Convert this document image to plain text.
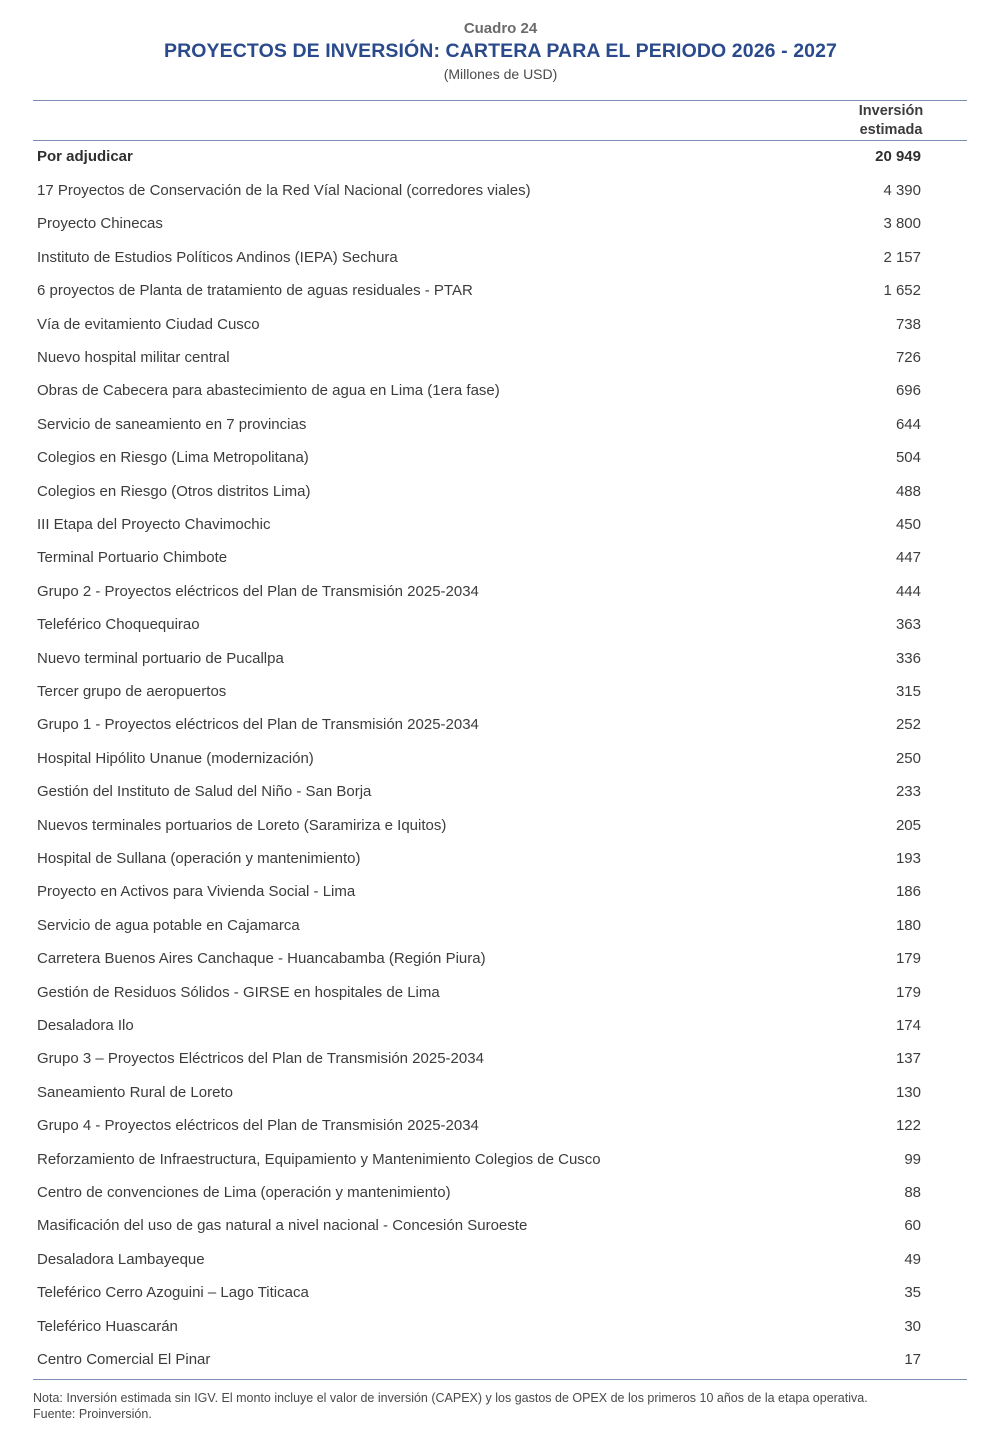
Cuadro 24
PROYECTOS DE INVERSIÓN: CARTERA PARA EL PERIODO 2026 - 2027
(Millones de USD)
Inversión
estimada
Por adjudicar	20 949
17 Proyectos de Conservación de la Red Víal Nacional (corredores viales)	4 390
Proyecto Chinecas	3 800
Instituto de Estudios Políticos Andinos (IEPA) Sechura	2 157
6 proyectos de Planta de tratamiento de aguas residuales - PTAR	1 652
Vía de evitamiento Ciudad Cusco	738
Nuevo hospital militar central	726
Obras de Cabecera para abastecimiento de agua en Lima (1era fase)	696
Servicio de saneamiento en 7 provincias	644
Colegios en Riesgo (Lima Metropolitana)	504
Colegios en Riesgo (Otros distritos Lima)	488
III Etapa del Proyecto Chavimochic	450
Terminal Portuario Chimbote	447
Grupo 2 - Proyectos eléctricos del Plan de Transmisión 2025-2034	444
Teleférico Choquequirao	363
Nuevo terminal portuario de Pucallpa	336
Tercer grupo de aeropuertos	315
Grupo 1 - Proyectos eléctricos del Plan de Transmisión 2025-2034	252
Hospital Hipólito Unanue (modernización)	250
Gestión del Instituto de Salud del Niño - San Borja	233
Nuevos terminales portuarios de Loreto (Saramiriza e Iquitos)	205
Hospital de Sullana (operación y mantenimiento)	193
Proyecto en Activos para Vivienda Social - Lima	186
Servicio de agua potable en Cajamarca	180
Carretera Buenos Aires Canchaque - Huancabamba (Región Piura)	179
Gestión de Residuos Sólidos - GIRSE en hospitales de Lima	179
Desaladora Ilo	174
Grupo 3 – Proyectos Eléctricos del Plan de Transmisión 2025-2034	137
Saneamiento Rural de Loreto	130
Grupo 4 - Proyectos eléctricos del Plan de Transmisión 2025-2034	122
Reforzamiento de Infraestructura, Equipamiento y Mantenimiento Colegios de Cusco	99
Centro de convenciones de Lima (operación y mantenimiento)	88
Masificación del uso de gas natural a nivel nacional - Concesión Suroeste	60
Desaladora Lambayeque	49
Teleférico Cerro Azoguini – Lago Titicaca	35
Teleférico Huascarán	30
Centro Comercial El Pinar	17
Nota: Inversión estimada sin IGV. El monto incluye el valor de inversión (CAPEX) y los gastos de OPEX de los primeros 10 años de la etapa operativa.
Fuente: Proinversión.
